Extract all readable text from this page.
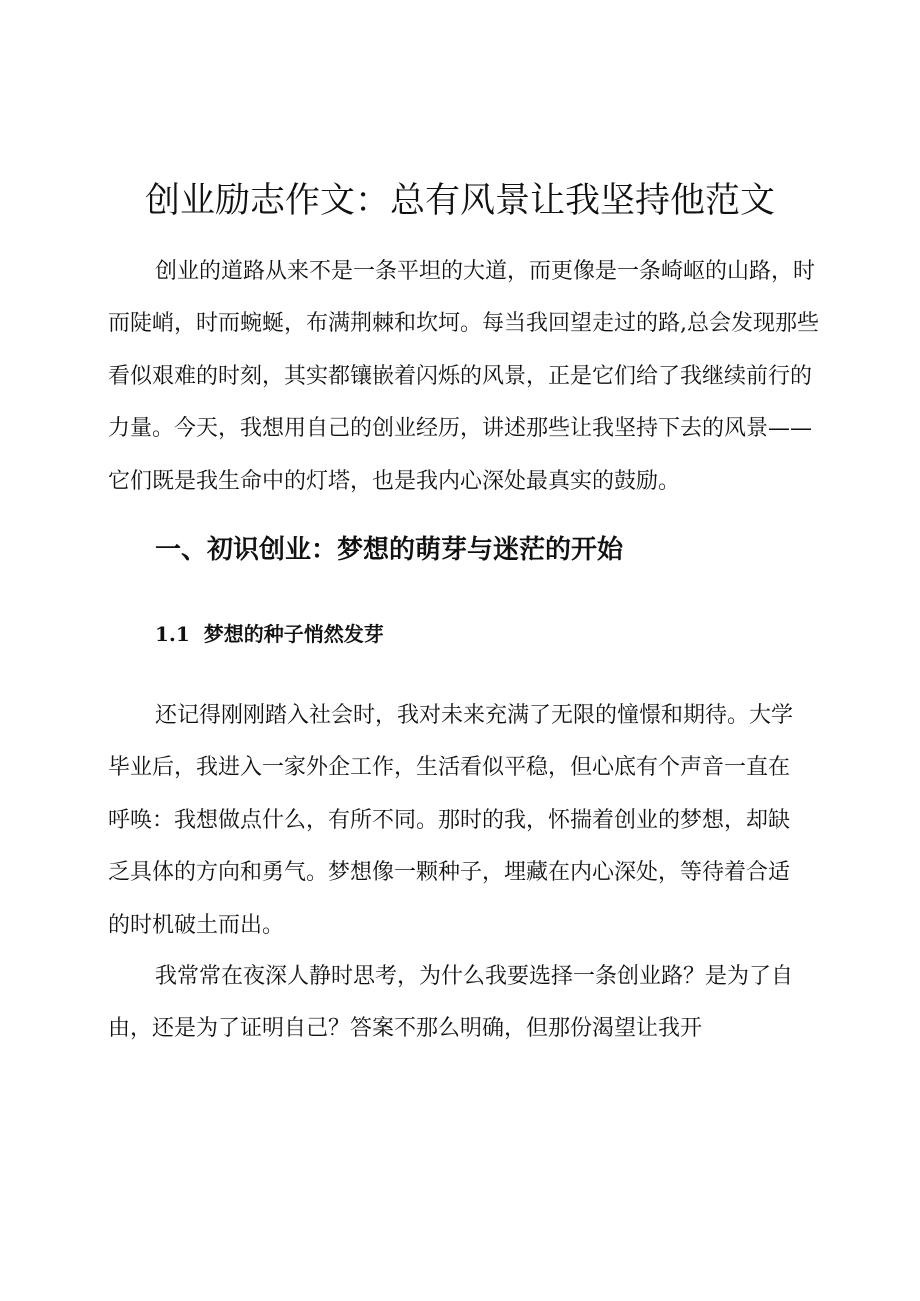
创业励志作文：总有风景让我坚持他范文

创业的道路从来不是一条平坦的大道，而更像是一条崎岖的山路，时而陡峭，时而蜿蜒，布满荆棘和坎坷。每当我回望走过的路,总会发现那些看似艰难的时刻，其实都镶嵌着闪烁的风景，正是它们给了我继续前行的力量。今天，我想用自己的创业经历，讲述那些让我坚持下去的风景——它们既是我生命中的灯塔，也是我内心深处最真实的鼓励。

一、初识创业：梦想的萌芽与迷茫的开始
1.1 梦想的种子悄然发芽

还记得刚刚踏入社会时，我对未来充满了无限的憧憬和期待。大学毕业后，我进入一家外企工作，生活看似平稳，但心底有个声音一直在呼唤：我想做点什么，有所不同。那时的我，怀揣着创业的梦想，却缺乏具体的方向和勇气。梦想像一颗种子，埋藏在内心深处，等待着合适的时机破土而出。

我常常在夜深人静时思考，为什么我要选择一条创业路？是为了自由，还是为了证明自己？答案不那么明确，但那份渴望让我开
